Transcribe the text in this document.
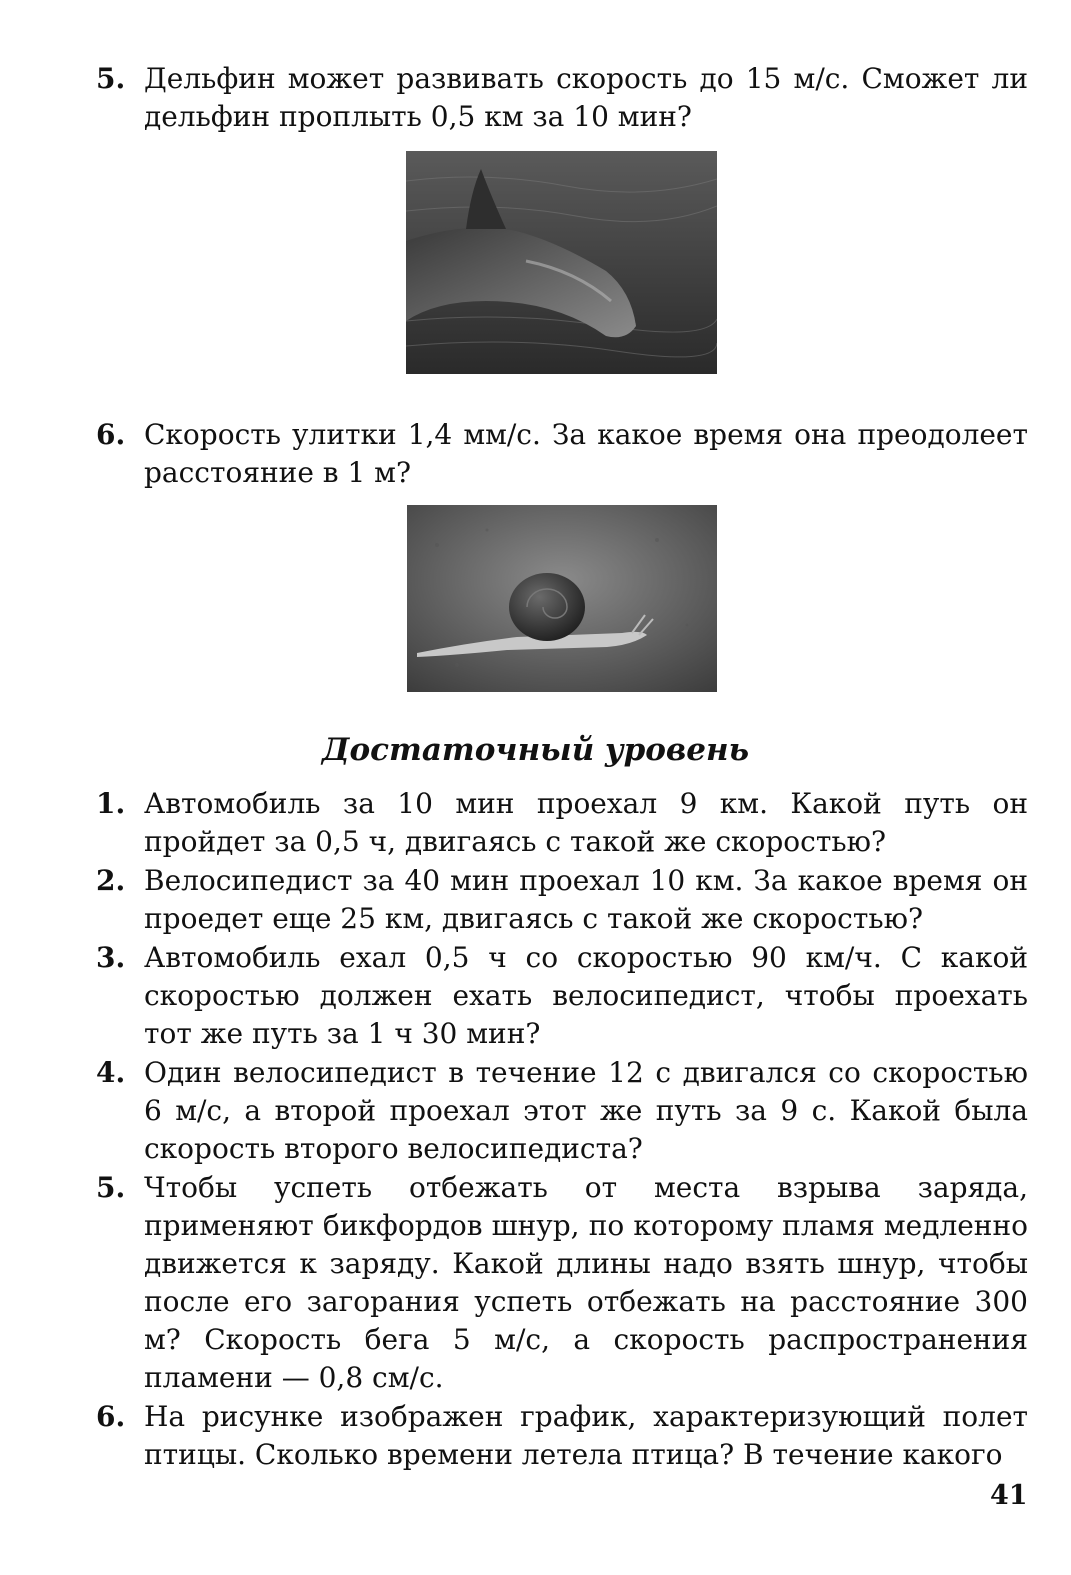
5. Дельфин может развивать скорость до 15 м/с. Сможет ли дельфин проплыть 0,5 км за 10 мин?
6. Скорость улитки 1,4 мм/с. За какое время она преодолеет расстояние в 1 м?
Достаточный уровень
1. Автомобиль за 10 мин проехал 9 км. Какой путь он пройдет за 0,5 ч, двигаясь с такой же скоростью?
2. Велосипедист за 40 мин проехал 10 км. За какое время он проедет еще 25 км, двигаясь с такой же скоростью?
3. Автомобиль ехал 0,5 ч со скоростью 90 км/ч. С какой скоростью должен ехать велосипедист, чтобы проехать тот же путь за 1 ч 30 мин?
4. Один велосипедист в течение 12 с двигался со скоростью 6 м/с, а второй проехал этот же путь за 9 с. Какой была скорость второго велосипедиста?
5. Чтобы успеть отбежать от места взрыва заряда, применяют бикфордов шнур, по которому пламя медленно движется к заряду. Какой длины надо взять шнур, чтобы после его загорания успеть отбежать на расстояние 300 м? Скорость бега 5 м/с, а скорость распространения пламени — 0,8 см/с.
6. На рисунке изображен график, характеризующий полет птицы. Сколько времени летела птица? В течение какого
41
